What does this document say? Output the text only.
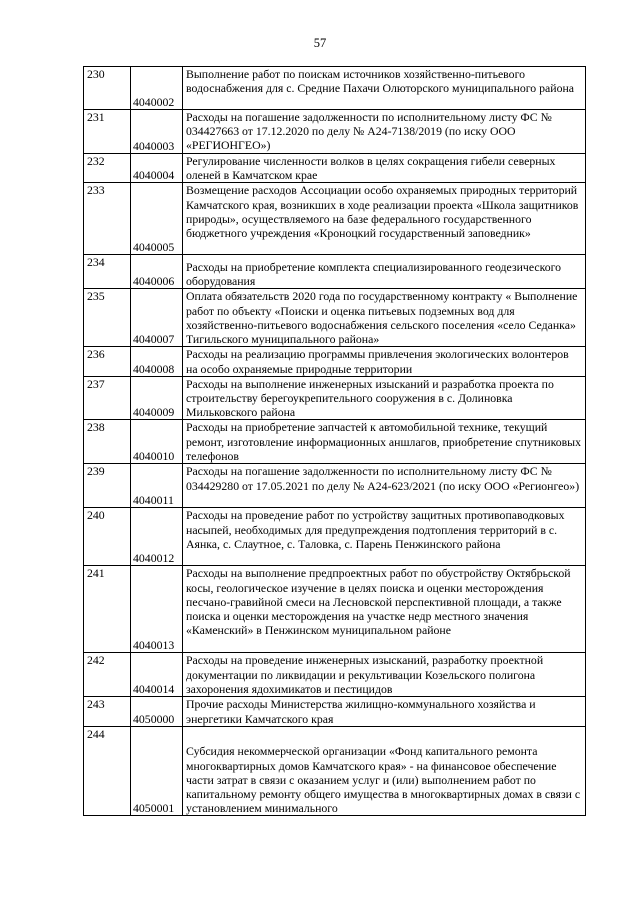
57
230	4040002	Выполнение работ по поискам источников хозяйственно-питьевого водоснабжения для с. Средние Пахачи Олюторского муниципального района
231	4040003	Расходы на погашение задолженности по исполнительному листу ФС № 034427663 от 17.12.2020 по делу № А24-7138/2019 (по иску ООО «РЕГИОНГЕО»)
232	4040004	Регулирование численности волков в целях сокращения гибели северных оленей в Камчатском крае
233	4040005	Возмещение расходов Ассоциации особо охраняемых природных территорий Камчатского края, возникших в ходе реализации проекта «Школа защитников природы», осуществляемого на базе федерального государственного бюджетного учреждения «Кроноцкий государственный заповедник»
234	4040006	Расходы на приобретение комплекта специализированного геодезического оборудования
235	4040007	Оплата обязательств 2020 года по государственному контракту « Выполнение работ по объекту «Поиски и оценка питьевых подземных вод для хозяйственно-питьевого водоснабжения сельского поселения «село Седанка» Тигильского муниципального района»
236	4040008	Расходы на реализацию программы привлечения экологических волонтеров на особо охраняемые природные территории
237	4040009	Расходы на выполнение инженерных изысканий и разработка проекта по строительству берегоукрепительного сооружения в с. Долиновка Мильковского района
238	4040010	Расходы на приобретение запчастей к автомобильной технике, текущий ремонт, изготовление информационных аншлагов, приобретение спутниковых телефонов
239	4040011	Расходы на погашение задолженности по исполнительному листу ФС № 034429280 от 17.05.2021 по делу № А24-623/2021 (по иску ООО «Регионгео»)
240	4040012	Расходы на проведение работ по устройству защитных противопаводковых насыпей, необходимых для предупреждения подтопления территорий в с. Аянка, с. Слаутное, с. Таловка, с. Парень Пенжинского района
241	4040013	Расходы на выполнение предпроектных работ по обустройству Октябрьской косы, геологическое изучение в целях поиска и оценки месторождения песчано-гравийной смеси на Лесновской перспективной площади, а также поиска и оценки месторождения на участке недр местного значения «Каменский» в Пенжинском муниципальном районе
242	4040014	Расходы на проведение инженерных изысканий, разработку проектной документации по ликвидации и рекультивации Козельского полигона захоронения ядохимикатов и пестицидов
243	4050000	Прочие расходы Министерства жилищно-коммунального хозяйства и энергетики Камчатского края
244	4050001	Субсидия некоммерческой организации «Фонд капитального ремонта многоквартирных домов Камчатского края» - на финансовое обеспечение части затрат в связи с оказанием услуг и (или) выполнением работ по капитальному ремонту общего имущества в многоквартирных домах в связи с установлением минимального
